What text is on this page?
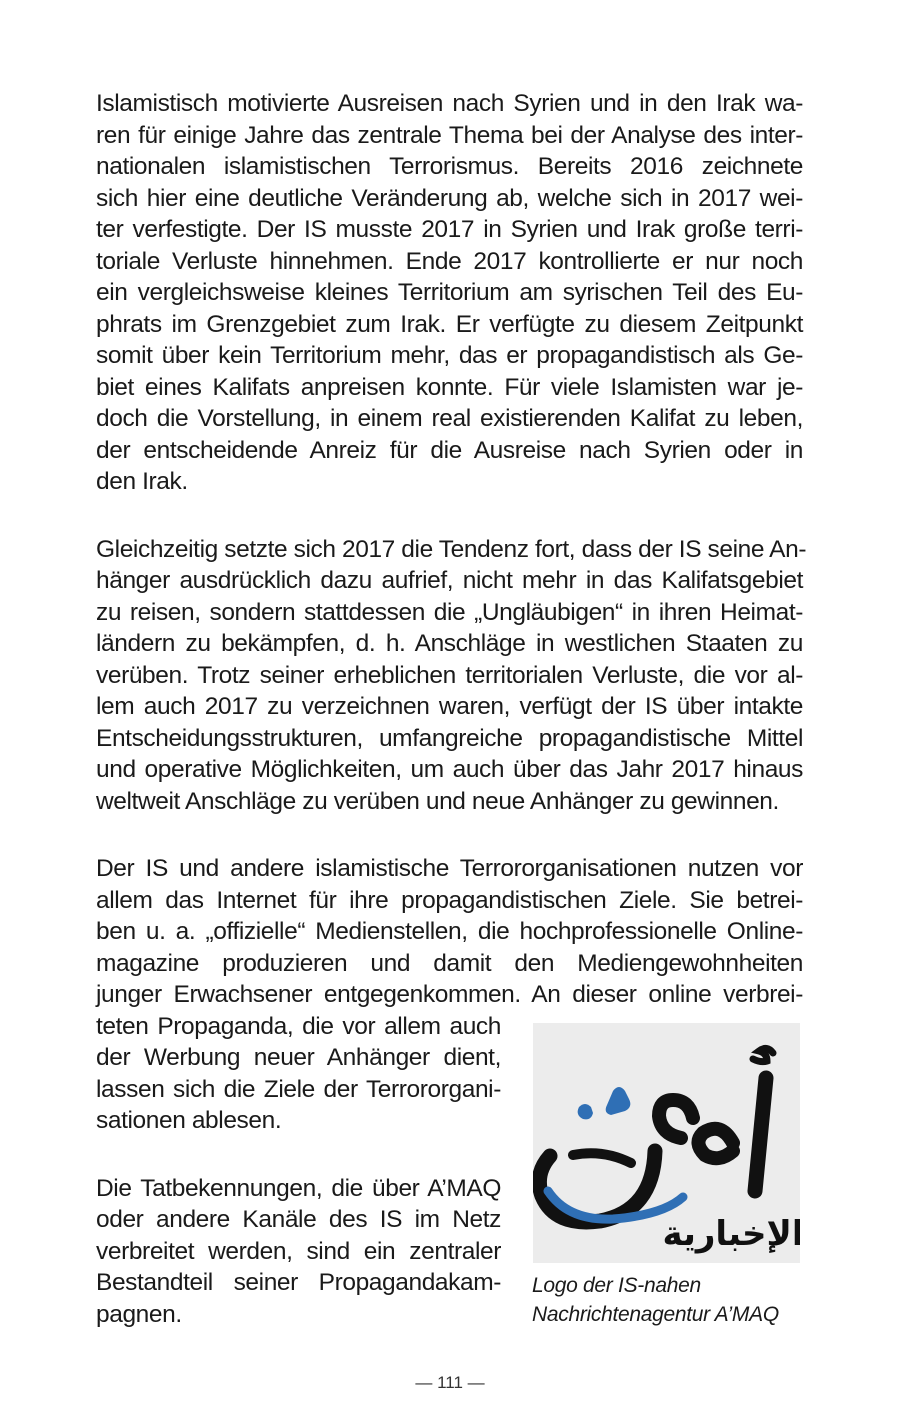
Islamistisch motivierte Ausreisen nach Syrien und in den Irak wa-
ren für einige Jahre das zentrale Thema bei der Analyse des inter-
nationalen islamistischen Terrorismus. Bereits 2016 zeichnete
sich hier eine deutliche Veränderung ab, welche sich in 2017 wei-
ter verfestigte. Der IS musste 2017 in Syrien und Irak große terri-
toriale Verluste hinnehmen. Ende 2017 kontrollierte er nur noch
ein vergleichsweise kleines Territorium am syrischen Teil des Eu-
phrats im Grenzgebiet zum Irak. Er verfügte zu diesem Zeitpunkt
somit über kein Territorium mehr, das er propagandistisch als Ge-
biet eines Kalifats anpreisen konnte. Für viele Islamisten war je-
doch die Vorstellung, in einem real existierenden Kalifat zu leben,
der entscheidende Anreiz für die Ausreise nach Syrien oder in
den Irak.
Gleichzeitig setzte sich 2017 die Tendenz fort, dass der IS seine An-
hänger ausdrücklich dazu aufrief, nicht mehr in das Kalifatsgebiet
zu reisen, sondern stattdessen die „Ungläubigen“ in ihren Heimat-
ländern zu bekämpfen, d. h. Anschläge in westlichen Staaten zu
verüben. Trotz seiner erheblichen territorialen Verluste, die vor al-
lem auch 2017 zu verzeichnen waren, verfügt der IS über intakte
Entscheidungsstrukturen, umfangreiche propagandistische Mittel
und operative Möglichkeiten, um auch über das Jahr 2017 hinaus
weltweit Anschläge zu verüben und neue Anhänger zu gewinnen.
Der IS und andere islamistische Terrororganisationen nutzen vor
allem das Internet für ihre propagandistischen Ziele. Sie betrei-
ben u. a. „offizielle“ Medienstellen, die hochprofessionelle Online-
magazine produzieren und damit den Mediengewohnheiten
junger Erwachsener entgegenkommen. An dieser online verbrei-
teten Propaganda, die vor allem auch
der Werbung neuer Anhänger dient,
lassen sich die Ziele der Terrororgani-
sationen ablesen.
Die Tatbekennungen, die über A’MAQ
oder andere Kanäle des IS im Netz
verbreitet werden, sind ein zentraler
Bestandteil seiner Propagandakam-
pagnen.
الإخبارية
Logo der IS-nahen
Nachrichtenagentur A’MAQ
— 111 —
